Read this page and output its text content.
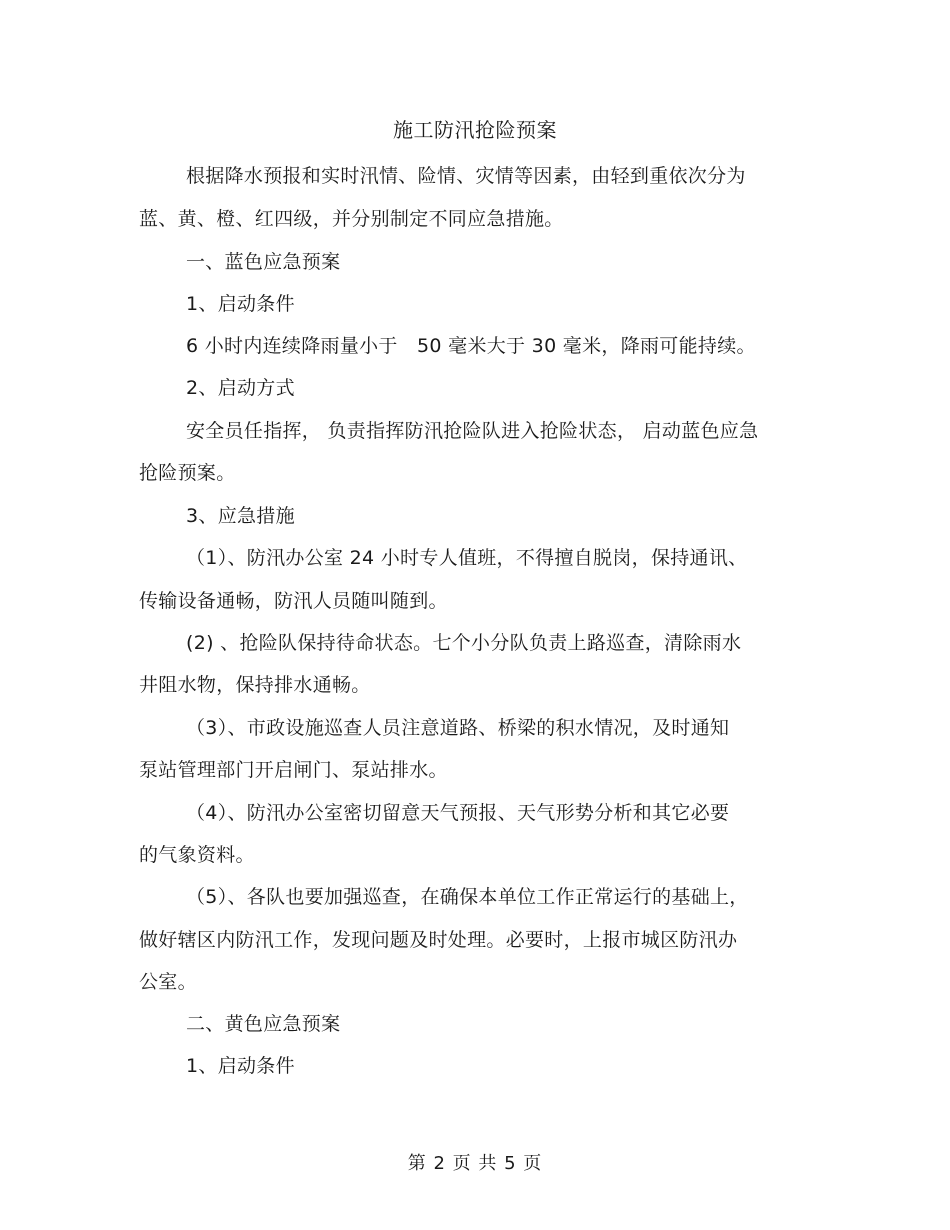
施工防汛抢险预案
根据降水预报和实时汛情、险情、灾情等因素，由轻到重依次分为
蓝、黄、橙、红四级，并分别制定不同应急措施。
一、蓝色应急预案
1、启动条件
6 小时内连续降雨量小于　50 毫米大于 30 毫米，降雨可能持续。
2、启动方式
安全员任指挥， 负责指挥防汛抢险队进入抢险状态， 启动蓝色应急
抢险预案。
3、应急措施
（1）、防汛办公室 24 小时专人值班，不得擅自脱岗，保持通讯、
传输设备通畅，防汛人员随叫随到。
(2) 、抢险队保持待命状态。七个小分队负责上路巡查，清除雨水
井阻水物，保持排水通畅。
（3）、市政设施巡查人员注意道路、桥梁的积水情况，及时通知
泵站管理部门开启闸门、泵站排水。
（4）、防汛办公室密切留意天气预报、天气形势分析和其它必要
的气象资料。
（5）、各队也要加强巡查，在确保本单位工作正常运行的基础上，
做好辖区内防汛工作，发现问题及时处理。必要时，上报市城区防汛办
公室。
二、黄色应急预案
1、启动条件
第 2 页 共 5 页
